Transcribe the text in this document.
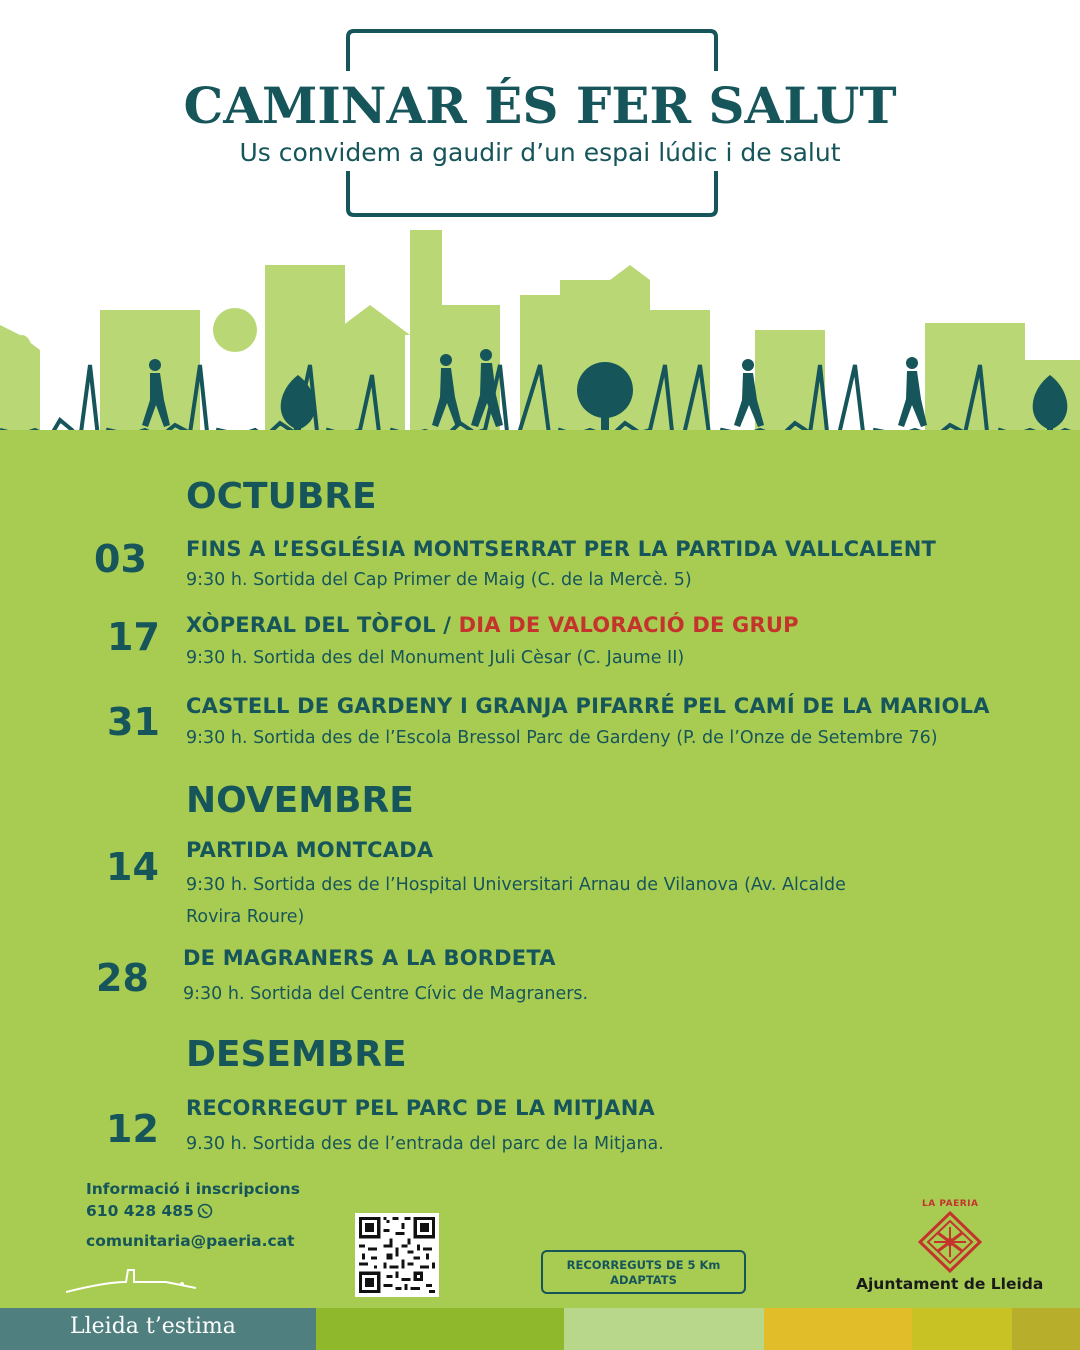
CAMINAR ÉS FER SALUT
Us convidem a gaudir d’un espai lúdic i de salut
OCTUBRE
03 FINS A L’ESGLÉSIA MONTSERRAT PER LA PARTIDA VALLCALENT
9:30 h. Sortida del Cap Primer de Maig (C. de la Mercè. 5)
17 XÒPERAL DEL TÒFOL / DIA DE VALORACIÓ DE GRUP
9:30 h. Sortida des del Monument Juli Cèsar (C. Jaume II)
31 CASTELL DE GARDENY I GRANJA PIFARRÉ PEL CAMÍ DE LA MARIOLA
9:30 h. Sortida des de l’Escola Bressol Parc de Gardeny (P. de l’Onze de Setembre 76)
NOVEMBRE
14 PARTIDA MONTCADA
9:30 h. Sortida des de l’Hospital Universitari Arnau de Vilanova (Av. Alcalde
Rovira Roure)
28 DE MAGRANERS A LA BORDETA
9:30 h. Sortida del Centre Cívic de Magraners.
DESEMBRE
12 RECORREGUT PEL PARC DE LA MITJANA
9.30 h. Sortida des de l’entrada del parc de la Mitjana.
Informació i inscripcions
610 428 485
comunitaria@paeria.cat
RECORREGUTS DE 5 Km
ADAPTATS
LA PAERIA
Ajuntament de Lleida
Lleida t’estima
